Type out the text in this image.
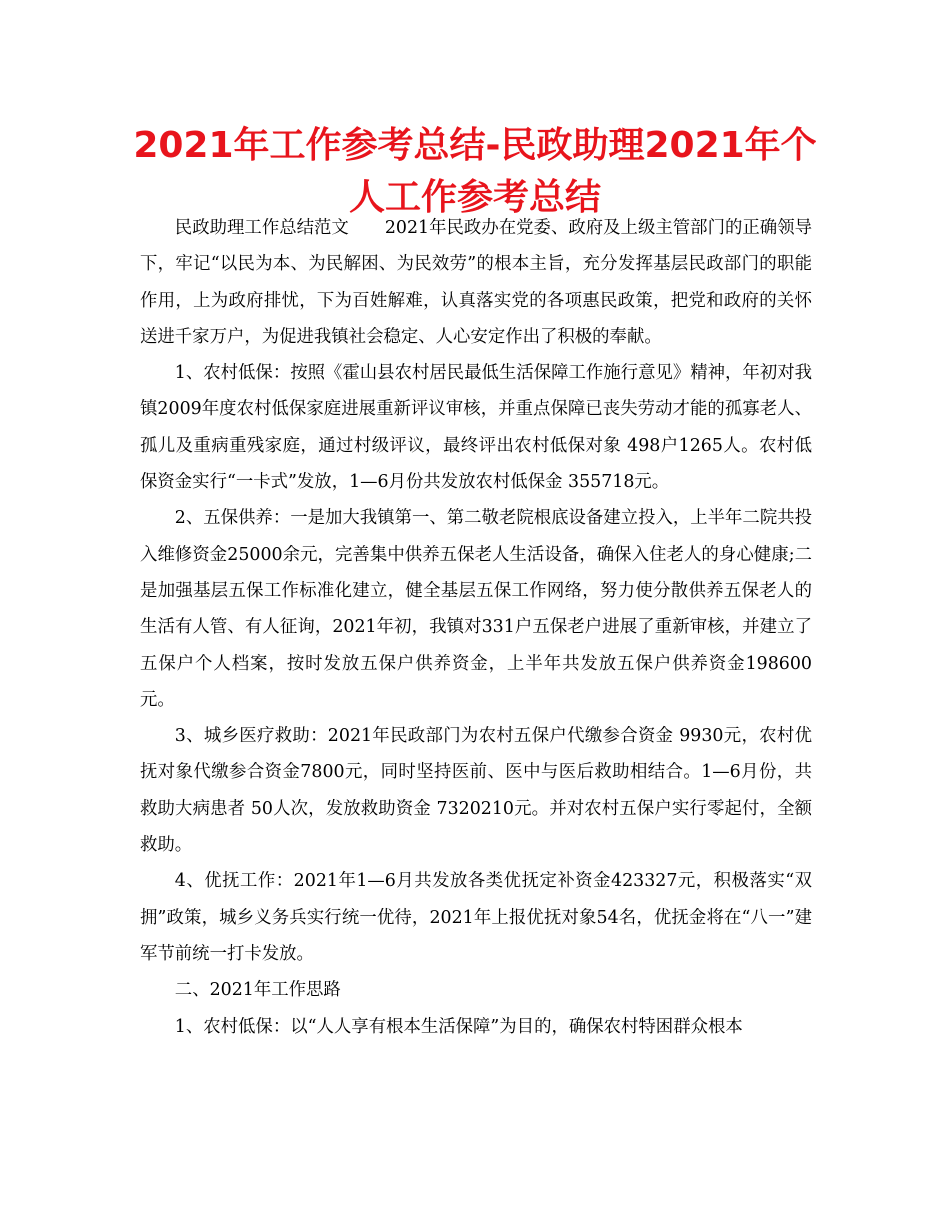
2021年工作参考总结-民政助理2021年个人工作参考总结

民政助理工作总结范文 2021年民政办在党委、政府及上级主管部门的正确领导下，牢记“以民为本、为民解困、为民效劳”的根本主旨，充分发挥基层民政部门的职能作用，上为政府排忧，下为百姓解难，认真落实党的各项惠民政策，把党和政府的关怀送进千家万户，为促进我镇社会稳定、人心安定作出了积极的奉献。

1、农村低保：按照《霍山县农村居民最低生活保障工作施行意见》精神，年初对我镇2009年度农村低保家庭进展重新评议审核，并重点保障已丧失劳动才能的孤寡老人、孤儿及重病重残家庭，通过村级评议，最终评出农村低保对象 498户1265人。农村低保资金实行“一卡式”发放，1—6月份共发放农村低保金 355718元。

2、五保供养：一是加大我镇第一、第二敬老院根底设备建立投入，上半年二院共投入维修资金25000余元，完善集中供养五保老人生活设备，确保入住老人的身心健康;二是加强基层五保工作标准化建立，健全基层五保工作网络，努力使分散供养五保老人的生活有人管、有人征询，2021年初，我镇对331户五保老户进展了重新审核，并建立了五保户个人档案，按时发放五保户供养资金，上半年共发放五保户供养资金198600元。

3、城乡医疗救助：2021年民政部门为农村五保户代缴参合资金 9930元，农村优抚对象代缴参合资金7800元，同时坚持医前、医中与医后救助相结合。1—6月份，共救助大病患者 50人次，发放救助资金 7320210元。并对农村五保户实行零起付，全额救助。

4、优抚工作：2021年1—6月共发放各类优抚定补资金423327元，积极落实“双拥”政策，城乡义务兵实行统一优待，2021年上报优抚对象54名，优抚金将在“八一”建军节前统一打卡发放。

二、2021年工作思路

1、农村低保：以“人人享有根本生活保障”为目的，确保农村特困群众根本
